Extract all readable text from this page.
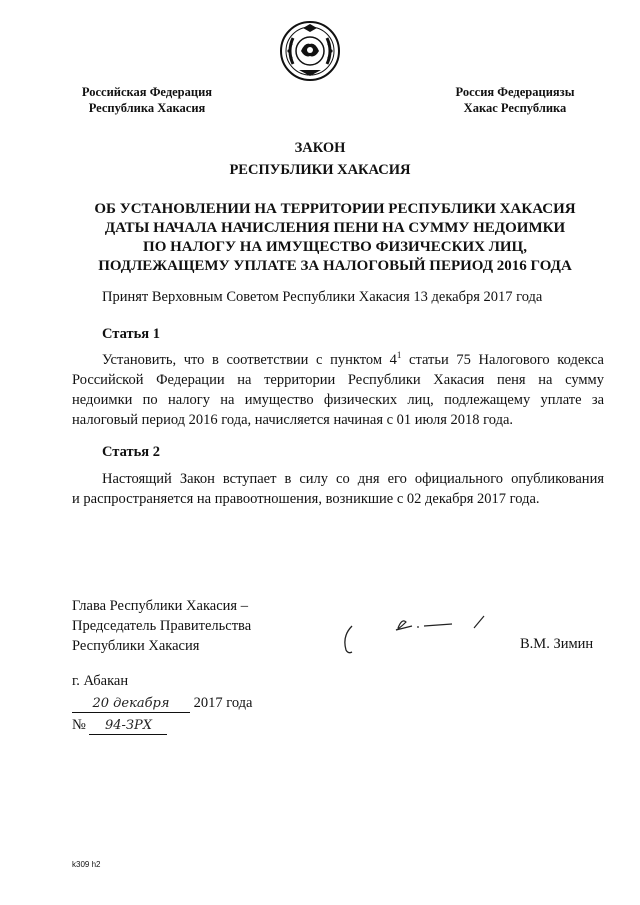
Российская Федерация
Республика Хакасия
Россия Федерациязы
Хакас Республика
ЗАКОН
РЕСПУБЛИКИ ХАКАСИЯ
ОБ УСТАНОВЛЕНИИ НА ТЕРРИТОРИИ РЕСПУБЛИКИ ХАКАСИЯ
ДАТЫ НАЧАЛА НАЧИСЛЕНИЯ ПЕНИ НА СУММУ НЕДОИМКИ
ПО НАЛОГУ НА ИМУЩЕСТВО ФИЗИЧЕСКИХ ЛИЦ,
ПОДЛЕЖАЩЕМУ УПЛАТЕ ЗА НАЛОГОВЫЙ ПЕРИОД 2016 ГОДА
Принят Верховным Советом Республики Хакасия 13 декабря 2017 года
Статья 1
Установить, что в соответствии с пунктом $4^1$ статьи 75 Налогового кодекса
Российской Федерации на территории Республики Хакасия пеня на сумму
недоимки по налогу на имущество физических лиц, подлежащему уплате за
налоговый период 2016 года, начисляется начиная с 01 июля 2018 года.
Статья 2
Настоящий Закон вступает в силу со дня его официального опубликования
и распространяется на правоотношения, возникшие с 02 декабря 2017 года.
Глава Республики Хакасия –
Председатель Правительства
Республики Хакасия	В.М. Зимин
г. Абакан
20 декабря 2017 года
№ 94-ЗРХ
k309 h2
